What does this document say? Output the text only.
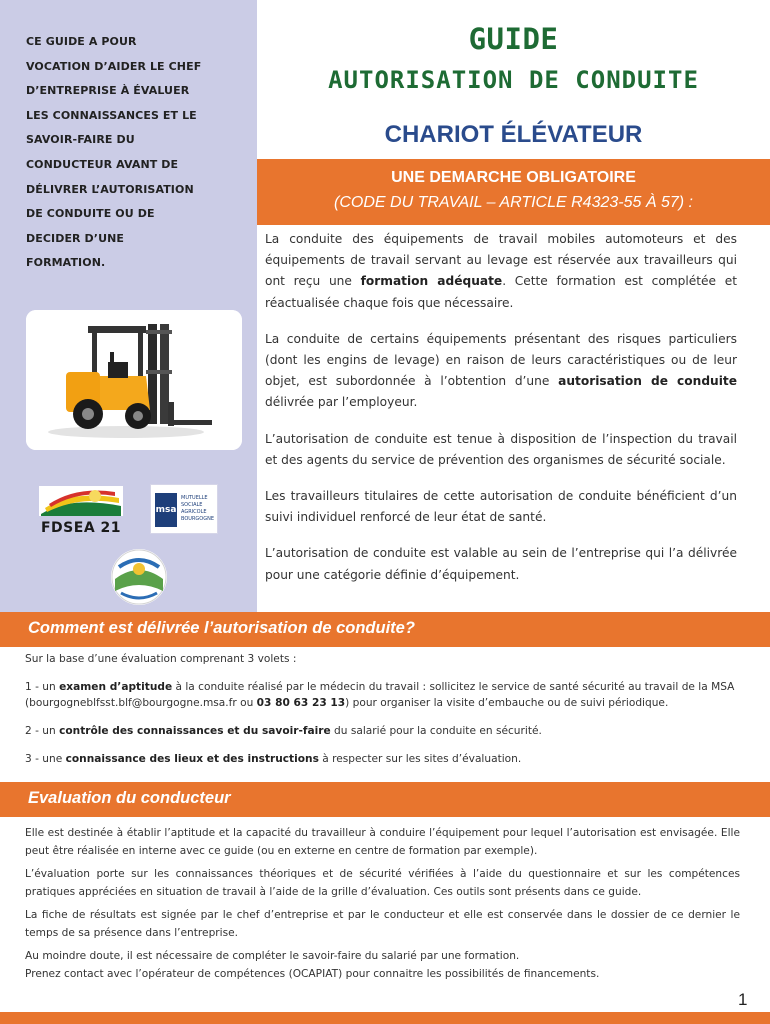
CE GUIDE A POUR
VOCATION D’AIDER LE CHEF
D’ENTREPRISE À ÉVALUER
LES CONNAISSANCES ET LE
SAVOIR-FAIRE DU
CONDUCTEUR AVANT DE
DÉLIVRER L’AUTORISATION
DE CONDUITE OU DE
DECIDER D’UNE
FORMATION.
FDSEA 21
msa
MUTUELLE
SOCIALE
AGRICOLE
BOURGOGNE
GUIDE
AUTORISATION DE CONDUITE
CHARIOT ÉLÉVATEUR
UNE DEMARCHE OBLIGATOIRE
(CODE DU TRAVAIL – ARTICLE R4323-55 À 57) :

La conduite des équipements de travail mobiles automoteurs et des équipements de travail servant au levage est réservée aux travailleurs qui ont reçu une formation adéquate. Cette formation est complétée et réactualisée chaque fois que nécessaire.

La conduite de certains équipements présentant des risques particuliers (dont les engins de levage) en raison de leurs caractéristiques ou de leur objet, est subordonnée à l’obtention d’une autorisation de conduite délivrée par l’employeur.

L’autorisation de conduite est tenue à disposition de l’inspection du travail et des agents du service de prévention des organismes de sécurité sociale.

Les travailleurs titulaires de cette autorisation de conduite bénéficient d’un suivi individuel renforcé de leur état de santé.

L’autorisation de conduite est valable au sein de l’entreprise qui l’a délivrée pour une catégorie définie d’équipement.

Comment est délivrée l’autorisation de conduite?

Sur la base d’une évaluation comprenant 3 volets :

1 - un examen d’aptitude à la conduite réalisé par le médecin du travail : sollicitez le service de santé sécurité au travail de la MSA (bourgogneblfsst.blf@bourgogne.msa.fr ou 03 80 63 23 13) pour organiser la visite d’embauche ou de suivi périodique.

2 - un contrôle des connaissances et du savoir-faire du salarié pour la conduite en sécurité.

3 - une connaissance des lieux et des instructions à respecter sur les sites d’évaluation.

Evaluation du conducteur

Elle est destinée à établir l’aptitude et la capacité du travailleur à conduire l’équipement pour lequel l’autorisation est envisagée. Elle peut être réalisée en interne avec ce guide (ou en externe en centre de formation par exemple).

L’évaluation porte sur les connaissances théoriques et de sécurité vérifiées à l’aide du questionnaire et sur les compétences pratiques appréciées en situation de travail à l’aide de la grille d’évaluation. Ces outils sont présents dans ce guide.

La fiche de résultats est signée par le chef d’entreprise et par le conducteur et elle est conservée dans le dossier de ce dernier le temps de sa présence dans l’entreprise.

Au moindre doute, il est nécessaire de compléter le savoir-faire du salarié par une formation.

Prenez contact avec l’opérateur de compétences (OCAPIAT) pour connaitre les possibilités de financements.

1
